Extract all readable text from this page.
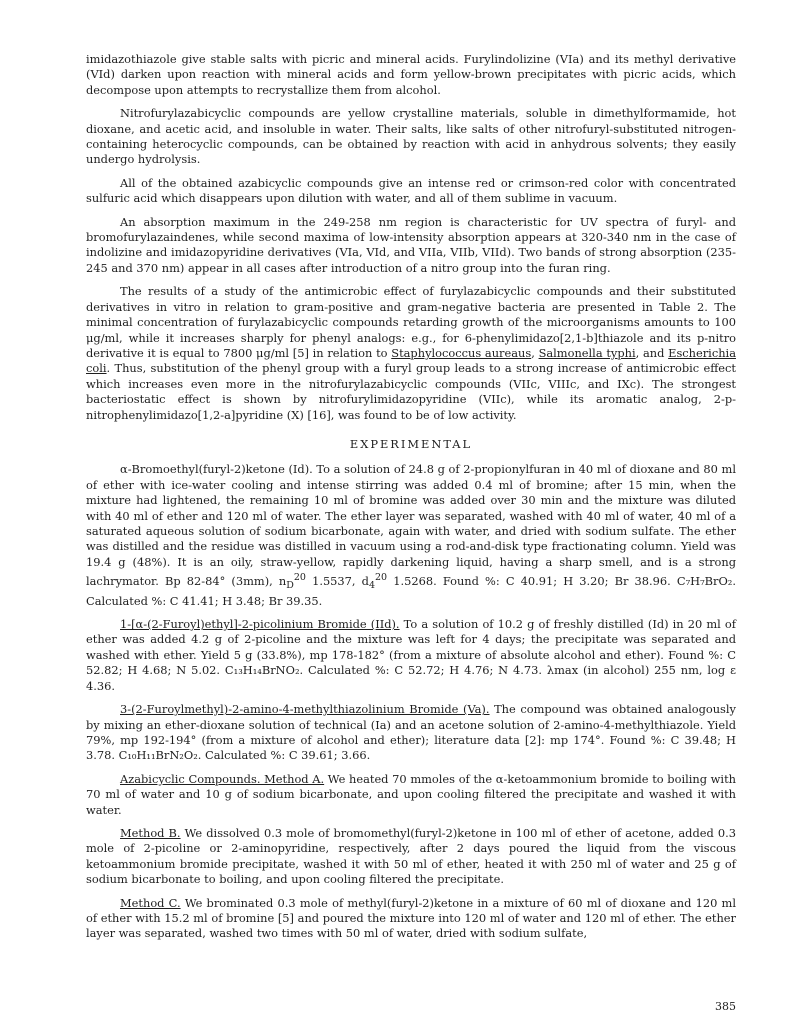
imidazothiazole give stable salts with picric and mineral acids. Furylindolizine (VIa) and its methyl derivative (VId) darken upon reaction with mineral acids and form yellow-brown precipitates with picric acids, which decompose upon attempts to recrystallize them from alcohol.

Nitrofurylazabicyclic compounds are yellow crystalline materials, soluble in dimethylformamide, hot dioxane, and acetic acid, and insoluble in water. Their salts, like salts of other nitrofuryl-substituted nitrogen-containing heterocyclic compounds, can be obtained by reaction with acid in anhydrous solvents; they easily undergo hydrolysis.

All of the obtained azabicyclic compounds give an intense red or crimson-red color with concentrated sulfuric acid which disappears upon dilution with water, and all of them sublime in vacuum.

An absorption maximum in the 249-258 nm region is characteristic for UV spectra of furyl- and bromofurylazaindenes, while second maxima of low-intensity absorption appears at 320-340 nm in the case of indolizine and imidazopyridine derivatives (VIa, VId, and VIIa, VIIb, VIId). Two bands of strong absorption (235-245 and 370 nm) appear in all cases after introduction of a nitro group into the furan ring.

The results of a study of the antimicrobic effect of furylazabicyclic compounds and their substituted derivatives in vitro in relation to gram-positive and gram-negative bacteria are presented in Table 2. The minimal concentration of furylazabicyclic compounds retarding growth of the microorganisms amounts to 100 μg/ml, while it increases sharply for phenyl analogs: e.g., for 6-phenylimidazo[2,1-b]thiazole and its p-nitro derivative it is equal to 7800 μg/ml [5] in relation to Staphylococcus aureaus, Salmonella typhi, and Escherichia coli. Thus, substitution of the phenyl group with a furyl group leads to a strong increase of antimicrobic effect which increases even more in the nitrofurylazabicyclic compounds (VIIc, VIIIc, and IXc). The strongest bacteriostatic effect is shown by nitrofurylimidazopyridine (VIIc), while its aromatic analog, 2-p-nitrophenylimidazo[1,2-a]pyridine (X) [16], was found to be of low activity.

EXPERIMENTAL

α-Bromoethyl(furyl-2)ketone (Id). To a solution of 24.8 g of 2-propionylfuran in 40 ml of dioxane and 80 ml of ether with ice-water cooling and intense stirring was added 0.4 ml of bromine; after 15 min, when the mixture had lightened, the remaining 10 ml of bromine was added over 30 min and the mixture was diluted with 40 ml of ether and 120 ml of water. The ether layer was separated, washed with 40 ml of water, 40 ml of a saturated aqueous solution of sodium bicarbonate, again with water, and dried with sodium sulfate. The ether was distilled and the residue was distilled in vacuum using a rod-and-disk type fractionating column. Yield was 19.4 g (48%). It is an oily, straw-yellow, rapidly darkening liquid, having a sharp smell, and is a strong lachrymator. Bp 82-84° (3mm), $n_D^{20}$ 1.5537, $d_4^{20}$ 1.5268. Found %: C 40.91; H 3.20; Br 38.96. C₇H₇BrO₂. Calculated %: C 41.41; H 3.48; Br 39.35.

1-[α-(2-Furoyl)ethyl]-2-picolinium Bromide (IId). To a solution of 10.2 g of freshly distilled (Id) in 20 ml of ether was added 4.2 g of 2-picoline and the mixture was left for 4 days; the precipitate was separated and washed with ether. Yield 5 g (33.8%), mp 178-182° (from a mixture of absolute alcohol and ether). Found %: C 52.82; H 4.68; N 5.02. C₁₃H₁₄BrNO₂. Calculated %: C 52.72; H 4.76; N 4.73. λmax (in alcohol) 255 nm, log ε 4.36.

3-(2-Furoylmethyl)-2-amino-4-methylthiazolinium Bromide (Va). The compound was obtained analogously by mixing an ether-dioxane solution of technical (Ia) and an acetone solution of 2-amino-4-methylthiazole. Yield 79%, mp 192-194° (from a mixture of alcohol and ether); literature data [2]: mp 174°. Found %: C 39.48; H 3.78. C₁₀H₁₁BrN₂O₂. Calculated %: C 39.61; 3.66.

Azabicyclic Compounds. Method A. We heated 70 mmoles of the α-ketoammonium bromide to boiling with 70 ml of water and 10 g of sodium bicarbonate, and upon cooling filtered the precipitate and washed it with water.

Method B. We dissolved 0.3 mole of bromomethyl(furyl-2)ketone in 100 ml of ether of acetone, added 0.3 mole of 2-picoline or 2-aminopyridine, respectively, after 2 days poured the liquid from the viscous ketoammonium bromide precipitate, washed it with 50 ml of ether, heated it with 250 ml of water and 25 g of sodium bicarbonate to boiling, and upon cooling filtered the precipitate.

Method C. We brominated 0.3 mole of methyl(furyl-2)ketone in a mixture of 60 ml of dioxane and 120 ml of ether with 15.2 ml of bromine [5] and poured the mixture into 120 ml of water and 120 ml of ether. The ether layer was separated, washed two times with 50 ml of water, dried with sodium sulfate,

385
